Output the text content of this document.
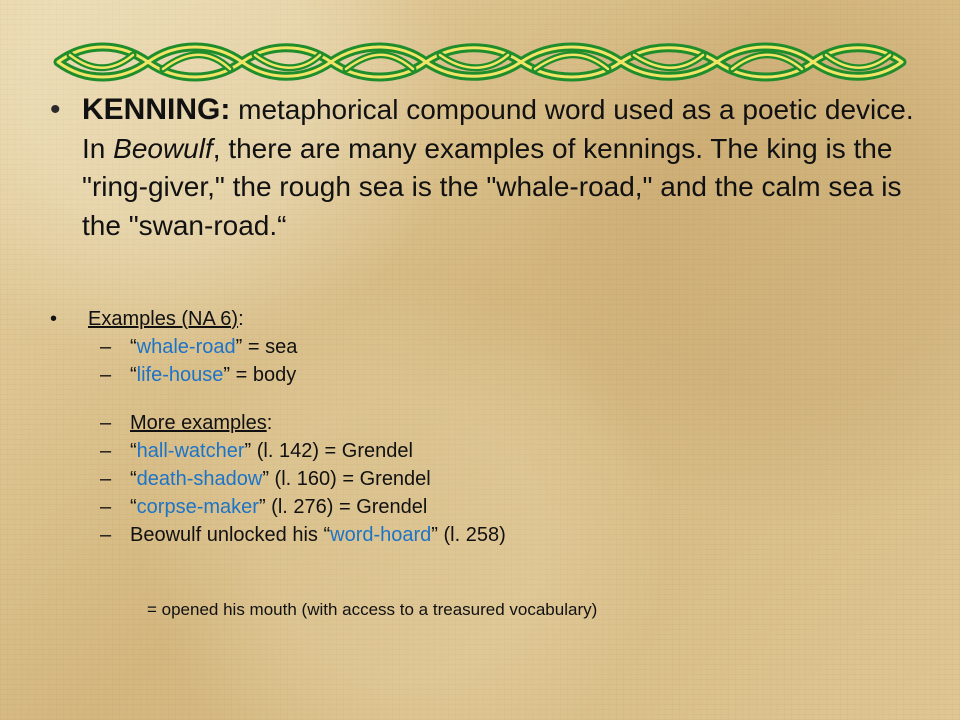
• KENNING: metaphorical compound word used as a poetic device. In Beowulf, there are many examples of kennings. The king is the "ring-giver," the rough sea is the "whale-road," and the calm sea is the "swan-road.“
• Examples (NA 6):
– “whale-road” = sea
– “life-house” = body
– More examples:
– “hall-watcher” (l. 142) = Grendel
– “death-shadow” (l. 160) = Grendel
– “corpse-maker” (l. 276) = Grendel
– Beowulf unlocked his “word-hoard” (l. 258)
= opened his mouth (with access to a treasured vocabulary)
